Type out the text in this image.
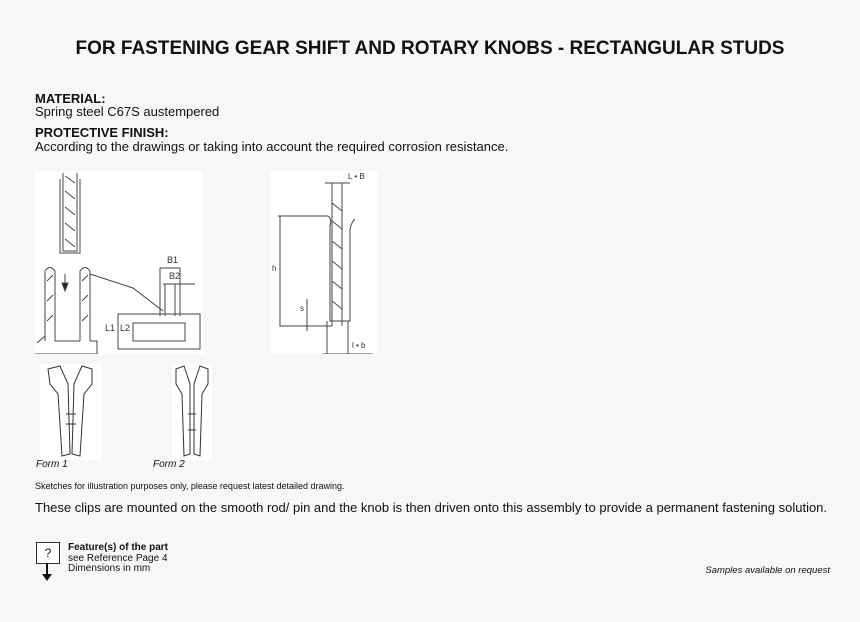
FOR FASTENING GEAR SHIFT AND ROTARY KNOBS - RECTANGULAR STUDS
MATERIAL:
Spring steel C67S austempered
PROTECTIVE FINISH:
According to the drawings or taking into account the required corrosion resistance.
B1
B2
L1 L2
L • B
h
s
l • b
Form 1	Form 2
Sketches for illustration purposes only, please request latest detailed drawing.
These clips are mounted on the smooth rod/ pin and the knob is then driven onto this assembly to provide a permanent fastening solution.
?	Feature(s) of the part
see Reference Page 4
Dimensions in mm	Samples available on request
